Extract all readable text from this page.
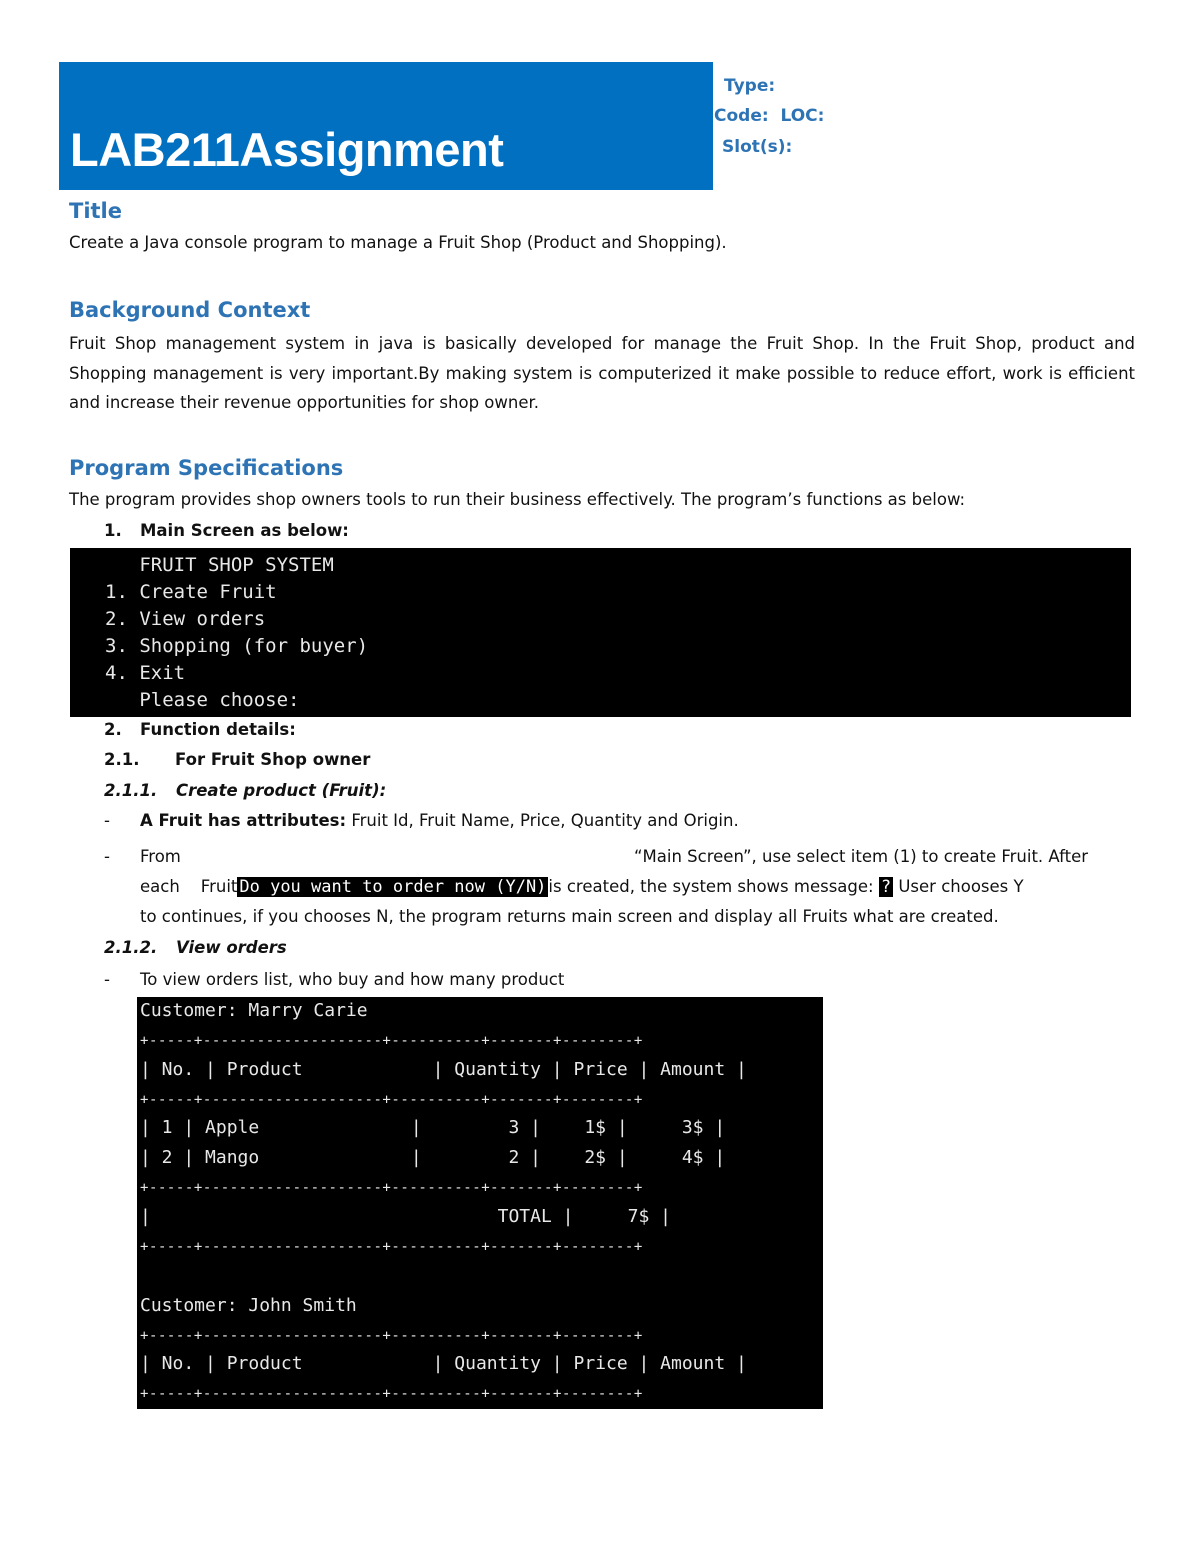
LAB211Assignment
Type:
Code: LOC:
Slot(s):
Title
Create a Java console program to manage a Fruit Shop (Product and Shopping).
Background Context
Fruit Shop management system in java is basically developed for manage the Fruit Shop. In the Fruit Shop, product and Shopping management is very important.By making system is computerized it make possible to reduce effort, work is efficient and increase their revenue opportunities for shop owner.
Program Specifications
The program provides shop owners tools to run their business effectively. The program’s functions as below:
1. Main Screen as below:
FRUIT SHOP SYSTEM
1. Create Fruit
2. View orders
3. Shopping (for buyer)
4. Exit
Please choose:
2. Function details:
2.1. For Fruit Shop owner
2.1.1. Create product (Fruit):
- A Fruit has attributes: Fruit Id, Fruit Name, Price, Quantity and Origin.
- From	“Main Screen”, use select item (1) to create Fruit. After
each Fruit Do you want to order now (Y/N) is created, the system shows message: ? User chooses Y
to continues, if you chooses N, the program returns main screen and display all Fruits what are created.
2.1.2. View orders
- To view orders list, who buy and how many product
Customer: Marry Carie
+-----+--------------------+----------+-------+--------+
| No. | Product            | Quantity | Price | Amount |
+-----+--------------------+----------+-------+--------+
| 1 | Apple              |        3 |    1$ |     3$ |
| 2 | Mango              |        2 |    2$ |     4$ |
+-----+--------------------+----------+-------+--------+
|                                TOTAL |     7$ |
+-----+--------------------+----------+-------+--------+
Customer: John Smith
+-----+--------------------+----------+-------+--------+
| No. | Product            | Quantity | Price | Amount |
+-----+--------------------+----------+-------+--------+
